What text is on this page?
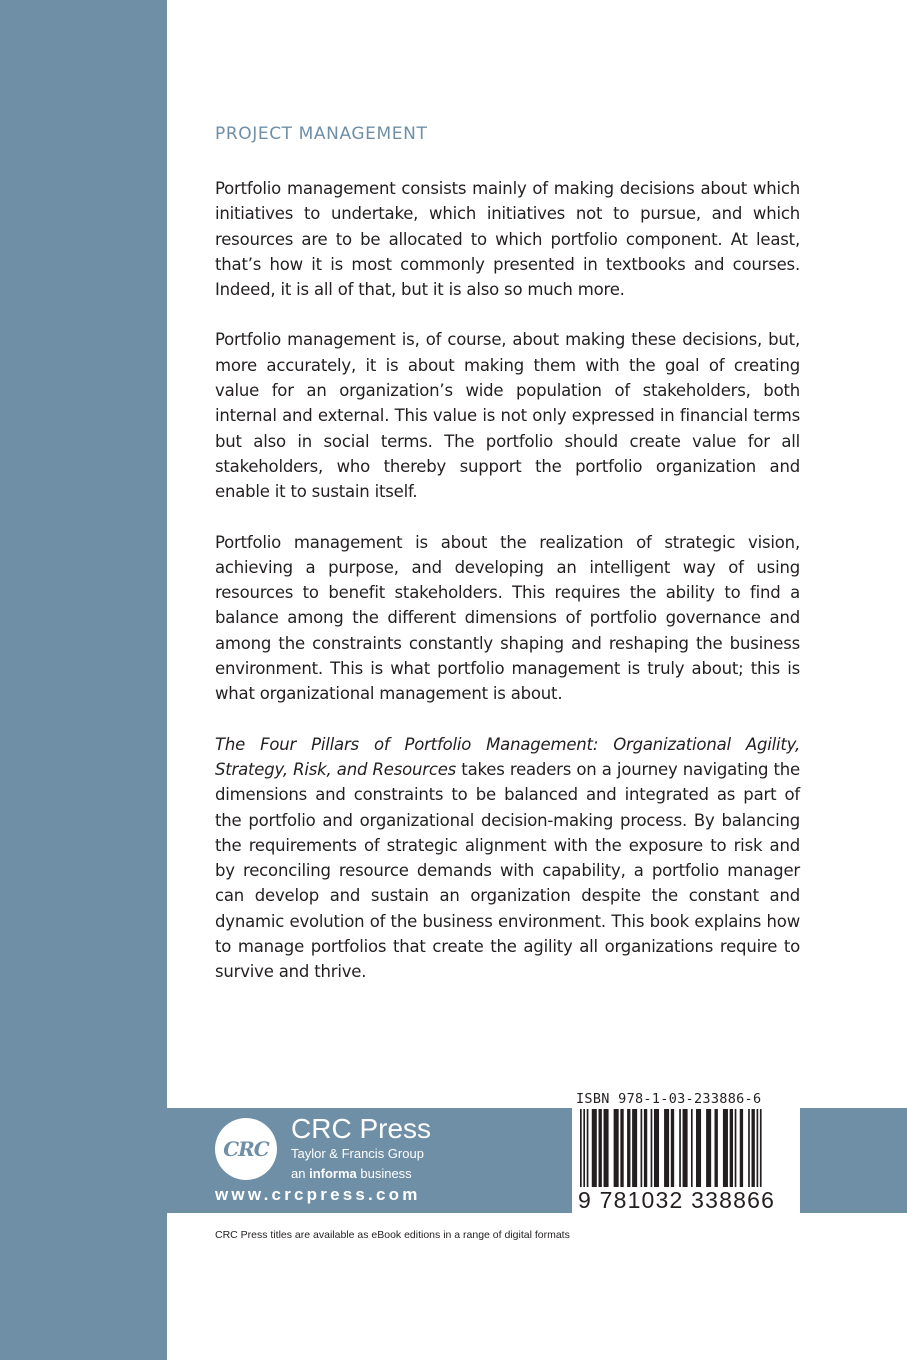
PROJECT MANAGEMENT

Portfolio management consists mainly of making decisions about which initiatives to undertake, which initiatives not to pursue, and which resources are to be allocated to which portfolio component. At least, that’s how it is most commonly presented in textbooks and courses. Indeed, it is all of that, but it is also so much more.

Portfolio management is, of course, about making these decisions, but, more accurately, it is about making them with the goal of creating value for an organization’s wide population of stakeholders, both internal and external. This value is not only expressed in financial terms but also in social terms. The portfolio should create value for all stakeholders, who thereby support the portfolio organization and enable it to sustain itself.

Portfolio management is about the realization of strategic vision, achieving a purpose, and developing an intelligent way of using resources to benefit stakeholders. This requires the ability to find a balance among the different dimensions of portfolio governance and among the constraints constantly shaping and reshaping the business environment. This is what portfolio management is truly about; this is what organizational management is about.

The Four Pillars of Portfolio Management: Organizational Agility, Strategy, Risk, and Resources takes readers on a journey navigating the dimensions and constraints to be balanced and integrated as part of the portfolio and organizational decision-making process. By balancing the requirements of strategic alignment with the exposure to risk and by reconciling resource demands with capability, a portfolio manager can develop and sustain an organization despite the constant and dynamic evolution of the business environment. This book explains how to manage portfolios that create the agility all organizations require to survive and thrive.

CRC
CRC Press
Taylor & Francis Group
an informa business
www.crcpress.com
ISBN 978-1-03-233886-6
9 781032 338866
CRC Press titles are available as eBook editions in a range of digital formats
